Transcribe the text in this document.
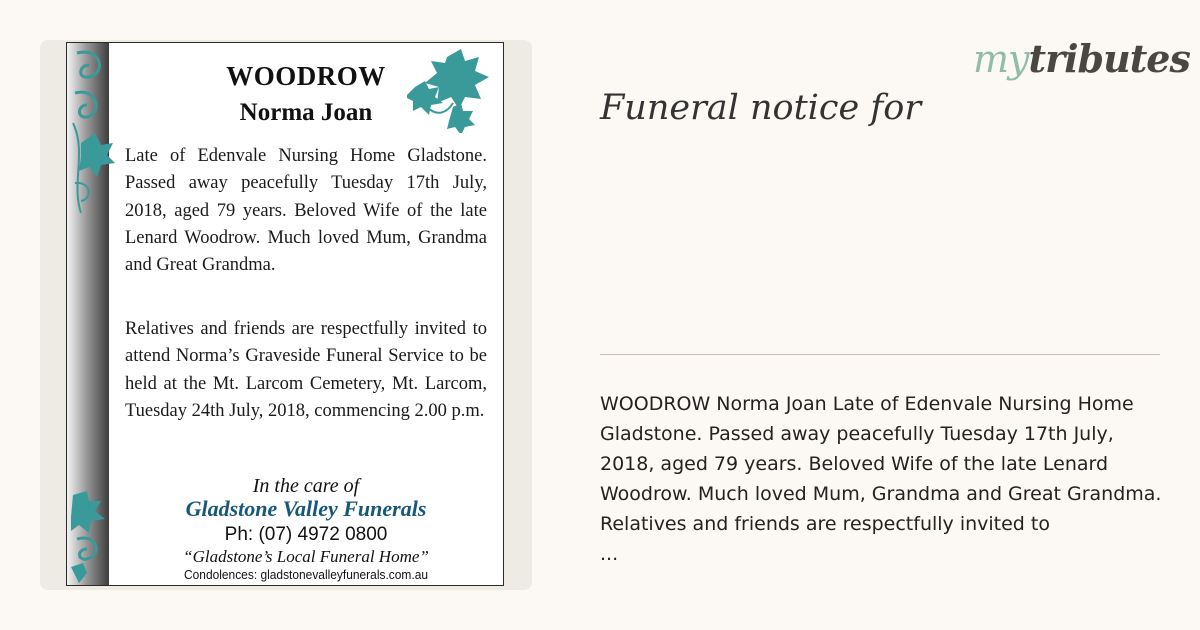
WOODROW
Norma Joan

Late of Edenvale Nursing Home Gladstone. Passed away peacefully Tuesday 17th July, 2018, aged 79 years. Beloved Wife of the late Lenard Woodrow. Much loved Mum, Grandma and Great Grandma.

Relatives and friends are respectfully invited to attend Norma’s Graveside Funeral Service to be held at the Mt. Larcom Cemetery, Mt. Larcom, Tuesday 24th July, 2018, commencing 2.00 p.m.

In the care of
Gladstone Valley Funerals
Ph: (07) 4972 0800
“Gladstone’s Local Funeral Home”
Condolences: gladstonevalleyfunerals.com.au
mytributes
Funeral notice for
WOODROW Norma Joan Late of Edenvale Nursing Home
Gladstone. Passed away peacefully Tuesday 17th July,
2018, aged 79 years. Beloved Wife of the late Lenard
Woodrow. Much loved Mum, Grandma and Great Grandma.
Relatives and friends are respectfully invited to
...
